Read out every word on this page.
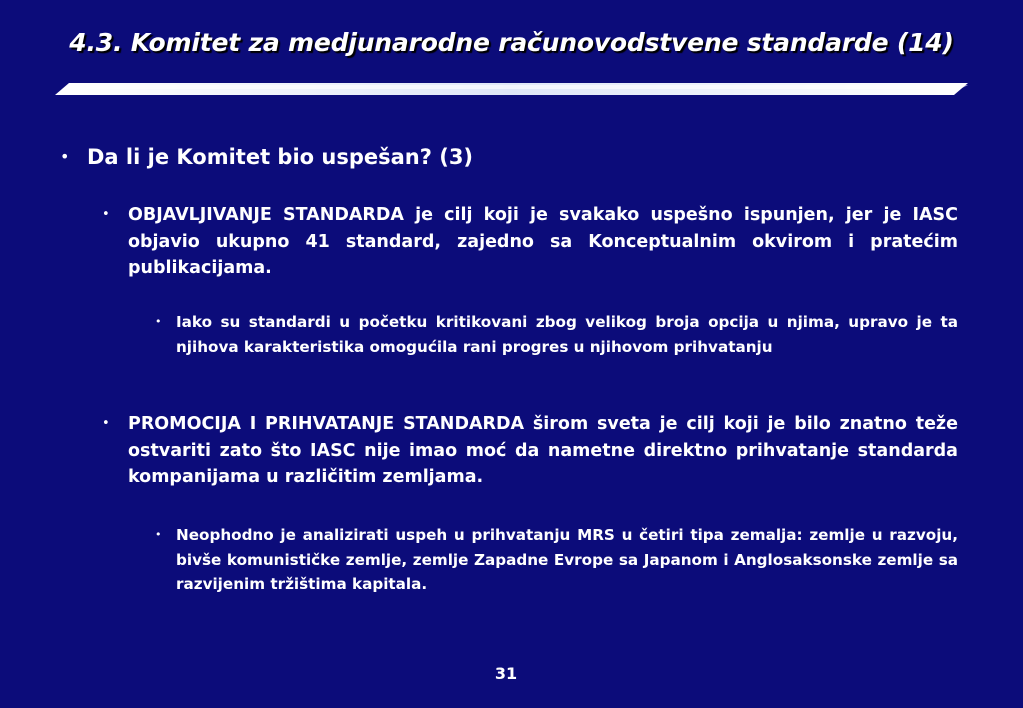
4.3. Komitet za medjunarodne računovodstvene standarde (14)
• Da li je Komitet bio uspešan? (3)
•	OBJAVLJIVANJE STANDARDA je cilj koji je svakako uspešno ispunjen, jer je IASC objavio ukupno 41 standard, zajedno sa Konceptualnim okvirom i pratećim publikacijama.
• Iako su standardi u početku kritikovani zbog velikog broja opcija u njima, upravo je ta njihova karakteristika omogućila rani progres u njihovom prihvatanju
•	PROMOCIJA I PRIHVATANJE STANDARDA širom sveta je cilj koji je bilo znatno teže ostvariti zato što IASC nije imao moć da nametne direktno prihvatanje standarda kompanijama u različitim zemljama.
• Neophodno je analizirati uspeh u prihvatanju MRS u četiri tipa zemalja: zemlje u razvoju, bivše komunističke zemlje, zemlje Zapadne Evrope sa Japanom i Anglosaksonske zemlje sa razvijenim tržištima kapitala.
31
